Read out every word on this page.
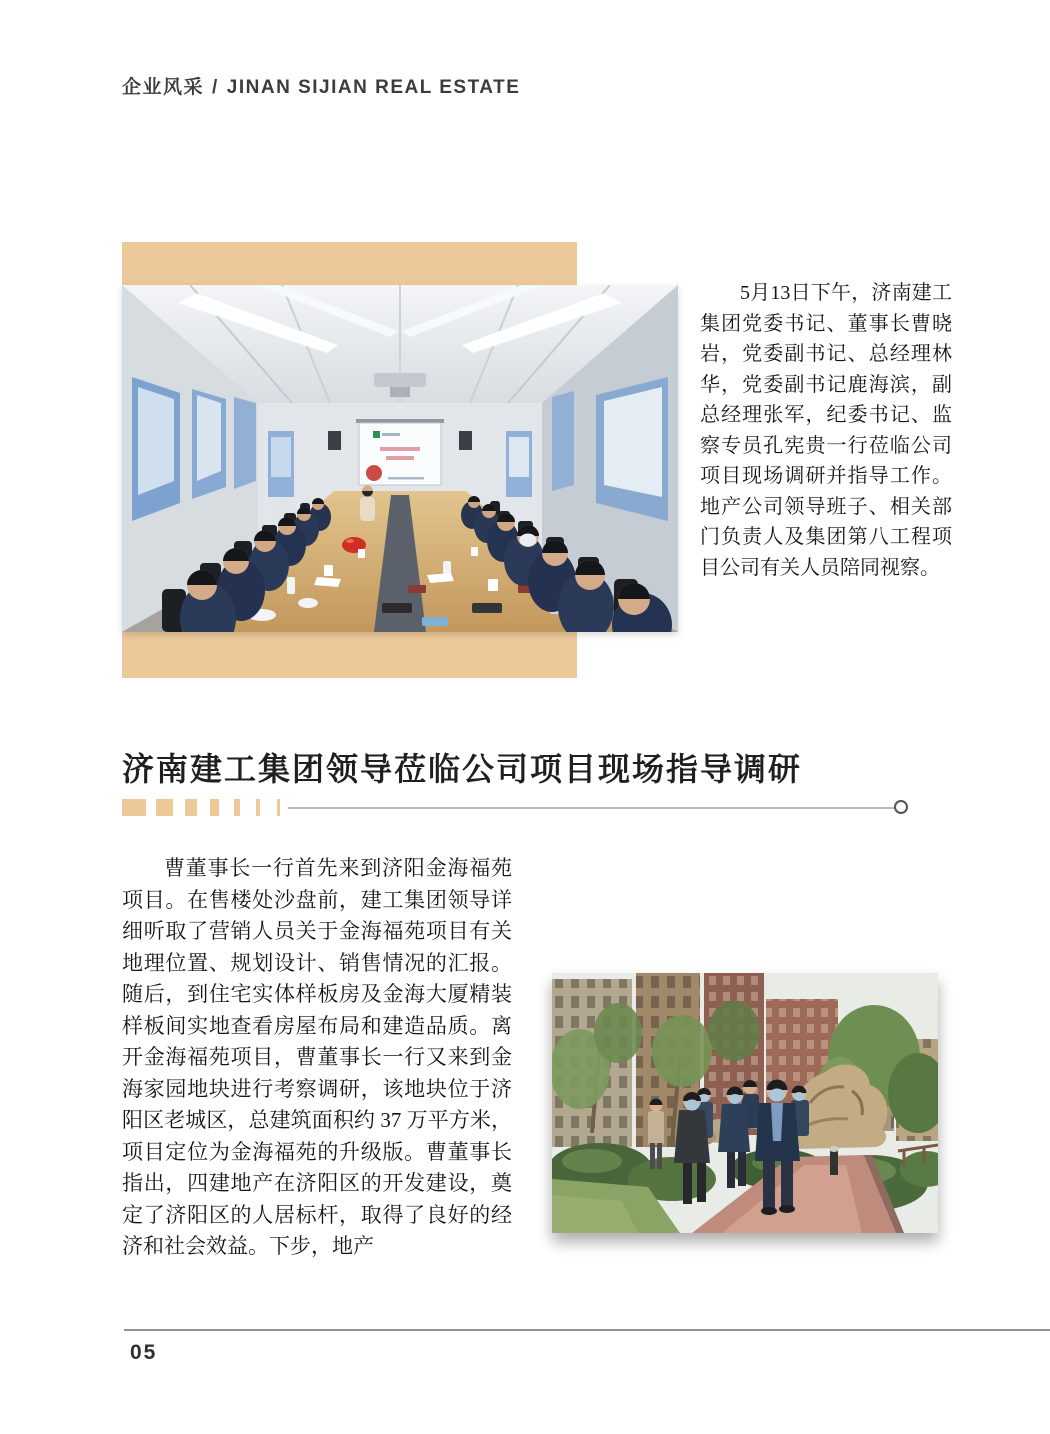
企业风采 / JINAN SIJIAN REAL ESTATE

5月13日下午，济南建工集团党委书记、董事长曹晓岩，党委副书记、总经理林华，党委副书记鹿海滨，副总经理张军，纪委书记、监察专员孔宪贵一行莅临公司项目现场调研并指导工作。地产公司领导班子、相关部门负责人及集团第八工程项目公司有关人员陪同视察。

济南建工集团领导莅临公司项目现场指导调研

曹董事长一行首先来到济阳金海福苑项目。在售楼处沙盘前，建工集团领导详细听取了营销人员关于金海福苑项目有关地理位置、规划设计、销售情况的汇报。随后，到住宅实体样板房及金海大厦精装样板间实地查看房屋布局和建造品质。离开金海福苑项目，曹董事长一行又来到金海家园地块进行考察调研，该地块位于济阳区老城区，总建筑面积约 37 万平方米，项目定位为金海福苑的升级版。曹董事长指出，四建地产在济阳区的开发建设，奠定了济阳区的人居标杆，取得了良好的经济和社会效益。下步，地产

05
